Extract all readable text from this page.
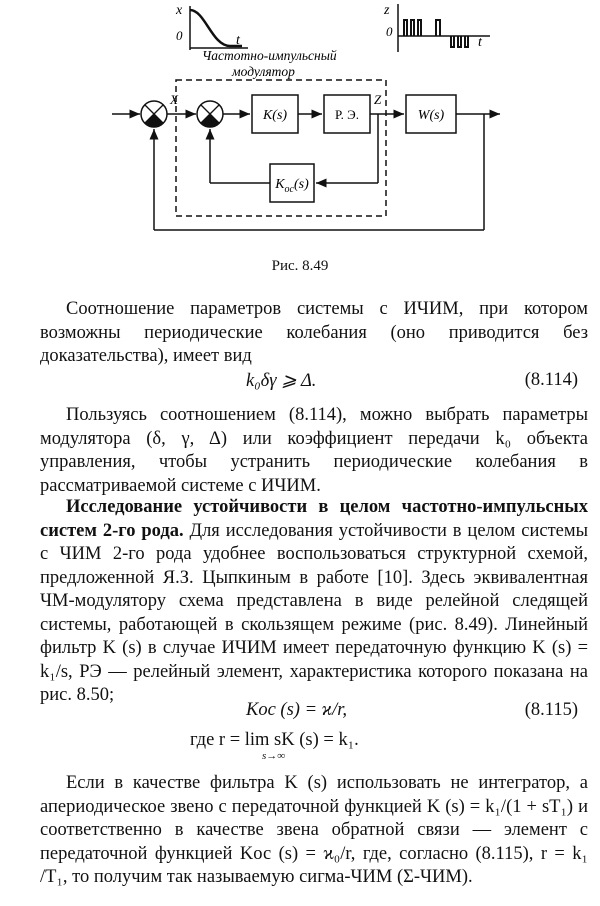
x
0	t
z
0
t
Частотно-импульсный
модулятор
X
K(s)	Р. Э.
Z
W(s)
$K_{ос}(s)$
Рис. 8.49

Соотношение параметров системы с ИЧИМ, при котором возможны периодические колебания (оно приводится без доказательства), имеет вид

k₀δγ ⩾ Δ.	(8.114)

Пользуясь соотношением (8.114), можно выбрать параметры модулятора (δ, γ, Δ) или коэффициент передачи k₀ объекта управления, чтобы устранить периодические колебания в рассматриваемой системе с ИЧИМ.

Исследование устойчивости в целом частотно-импульсных систем 2-го рода. Для исследования устойчивости в целом системы с ЧИМ 2-го рода удобнее воспользоваться структурной схемой, предложенной Я.З. Цыпкиным в работе [10]. Здесь эквивалентная ЧМ-модулятору схема представлена в виде релейной следящей системы, работающей в скользящем режиме (рис. 8.49). Линейный фильтр K (s) в случае ИЧИМ имеет передаточную функцию K (s) = k₁/s, РЭ — релейный элемент, характеристика которого показана на рис. 8.50;

Kос (s) = ϰ/r,	(8.115)
где r = lim sK (s) = k₁.
s→∞

Если в качестве фильтра K (s) использовать не интегратор, а апериодическое звено с передаточной функцией K (s) = k₁/(1 + sT₁) и соответственно в качестве звена обратной связи — элемент с передаточной функцией Kос (s) = ϰ₀/r, где, согласно (8.115), r = k₁ /T₁, то получим так называемую сигма-ЧИМ (Σ-ЧИМ).
